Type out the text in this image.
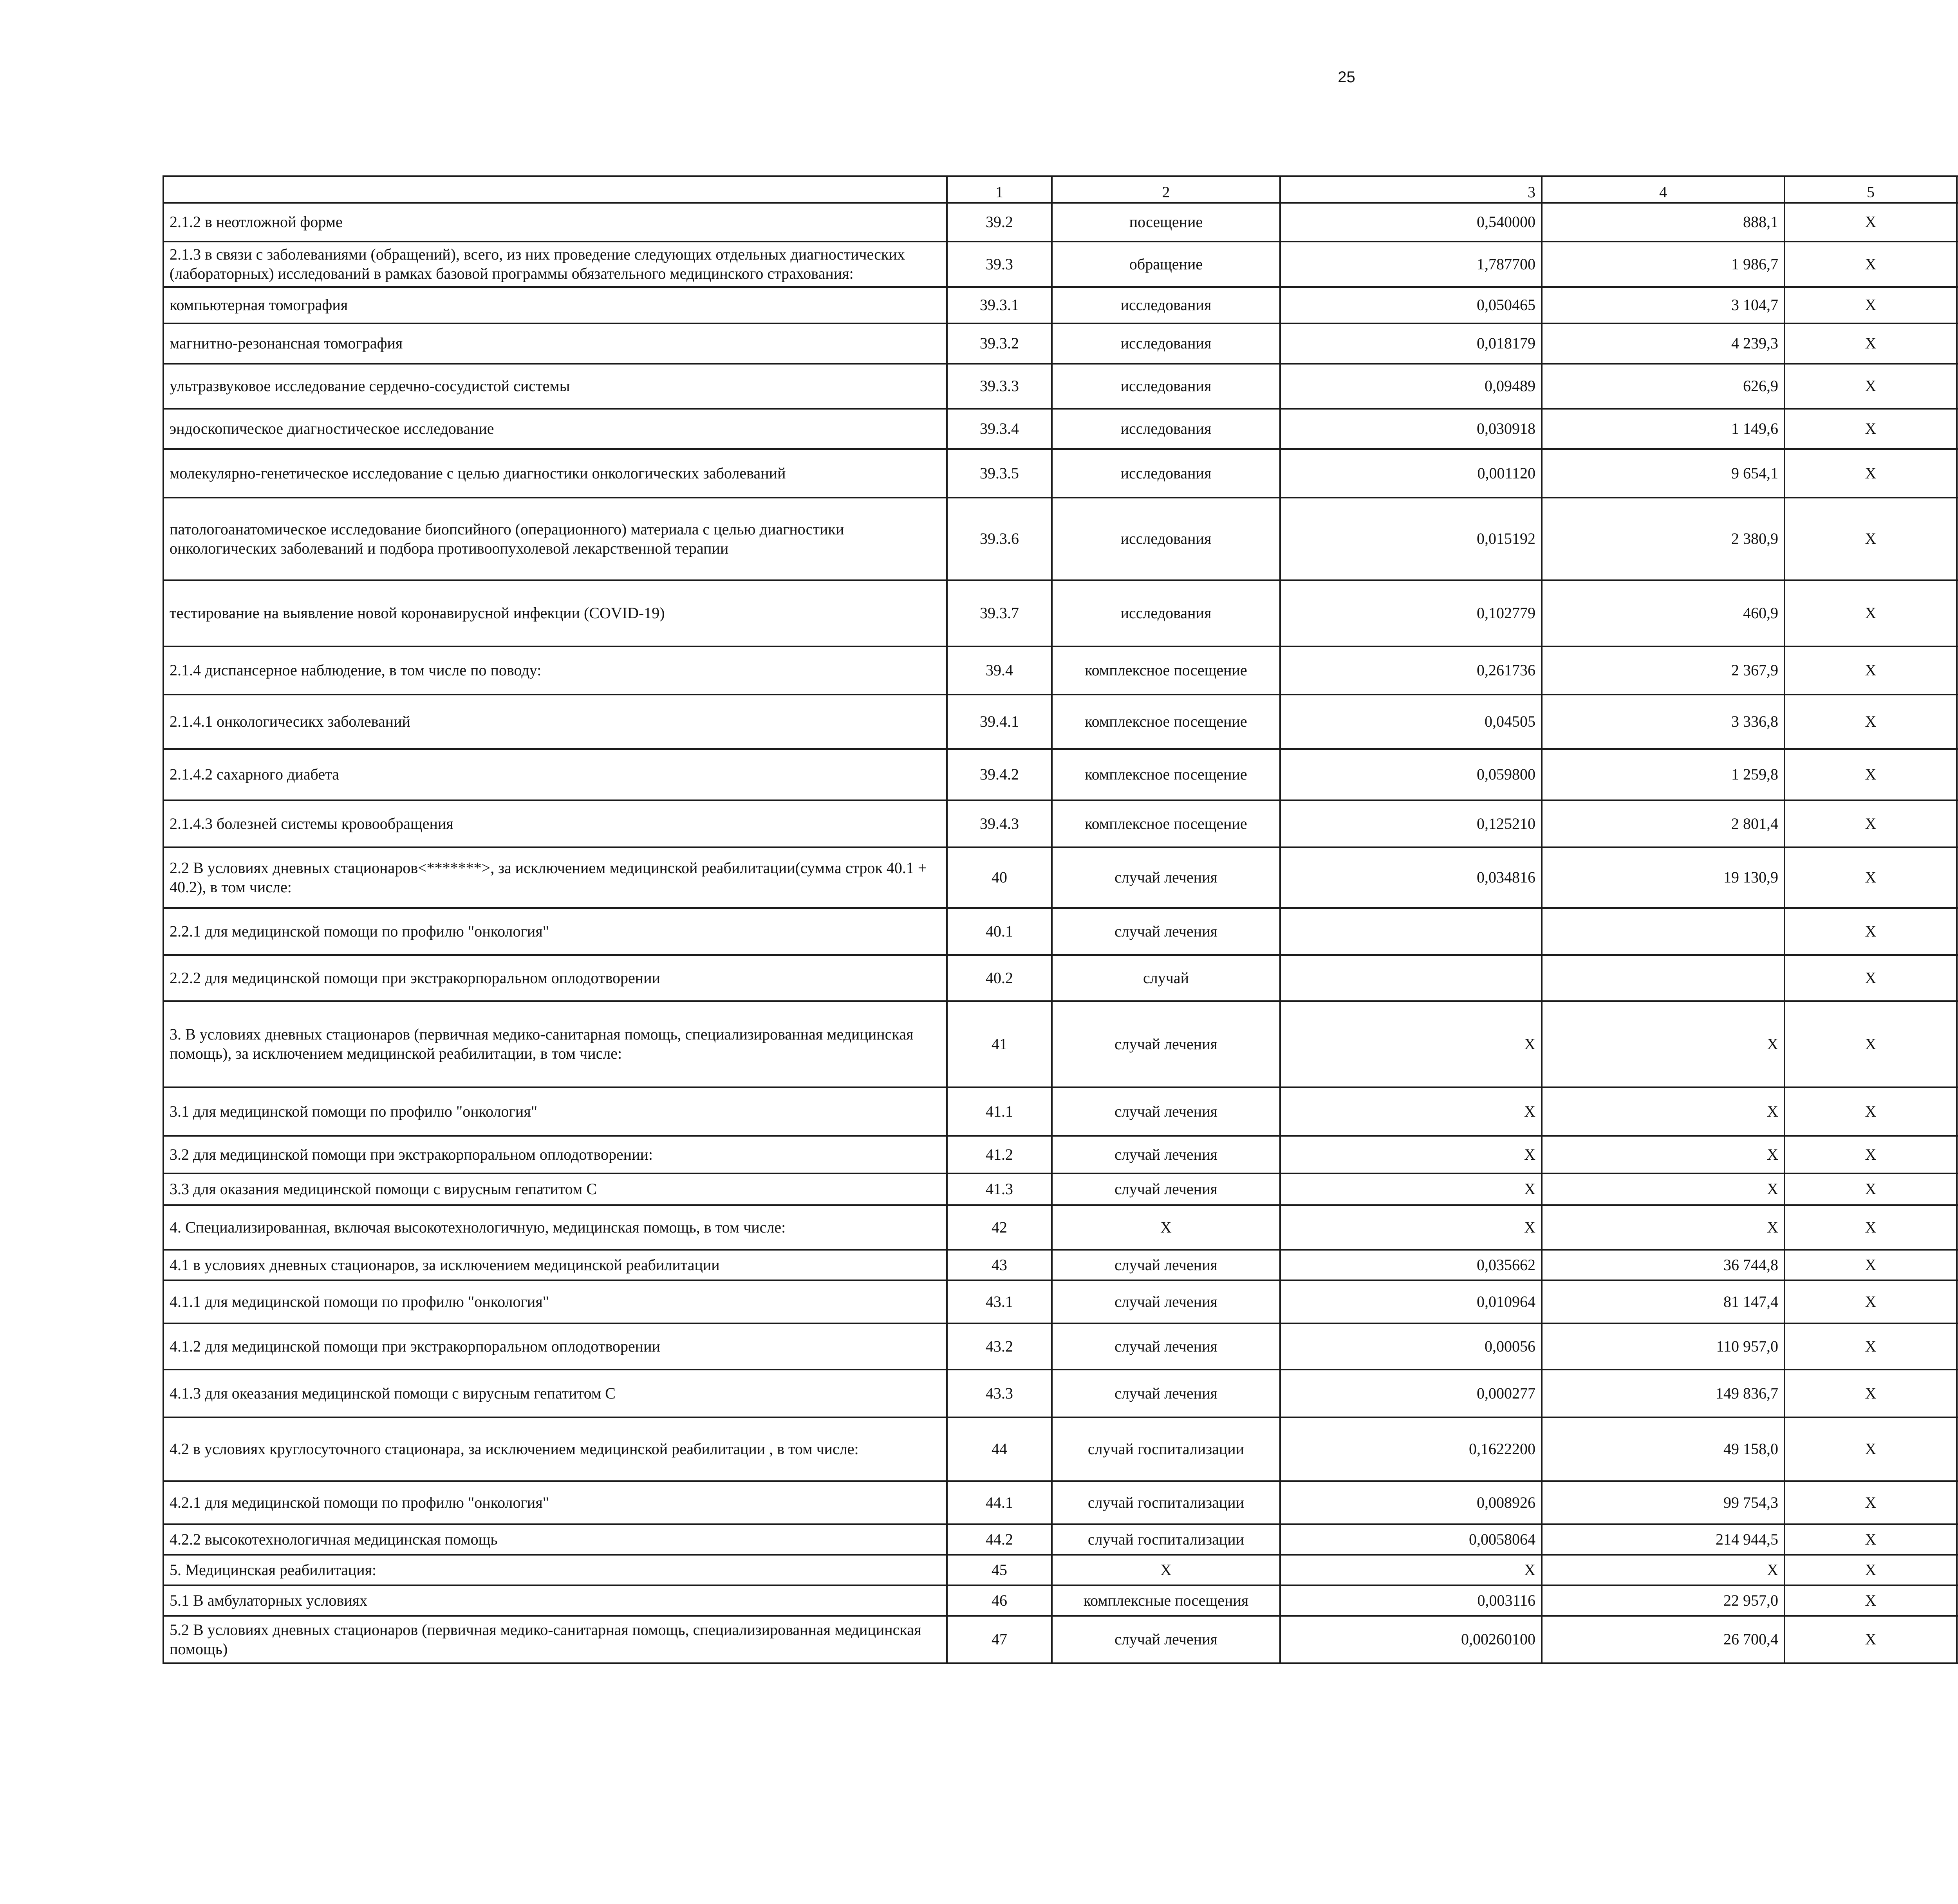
25
	1	2	3	4	5				
2.1.2 в неотложной форме	39.2	посещение	0,540000	888,1	X				
2.1.3 в связи с заболеваниями (обращений), всего, из них проведение следующих отдельных диагностических (лабораторных) исследований в рамках базовой программы обязательного медицинского страхования:	39.3	обращение	1,787700	1 986,7	X				
компьютерная томография	39.3.1	исследования	0,050465	3 104,7	X				
магнитно-резонансная томография	39.3.2	исследования	0,018179	4 239,3	X				
ультразвуковое исследование сердечно-сосудистой системы	39.3.3	исследования	0,09489	626,9	X				
эндоскопическое диагностическое исследование	39.3.4	исследования	0,030918	1 149,6	X				
молекулярно-генетическое исследование с целью диагностики онкологических заболеваний	39.3.5	исследования	0,001120	9 654,1	X				
патологоанатомическое исследование биопсийного (операционного) материала с целью диагностики онкологических заболеваний и подбора противоопухолевой лекарственной терапии	39.3.6	исследования	0,015192	2 380,9	X				
тестирование на выявление новой коронавирусной инфекции (COVID-19)	39.3.7	исследования	0,102779	460,9	X				
2.1.4 диспансерное наблюдение, в том числе по поводу:	39.4	комплексное посещение	0,261736	2 367,9	X				
2.1.4.1 онкологичесикх заболеваний	39.4.1	комплексное посещение	0,04505	3 336,8	X				
2.1.4.2 сахарного диабета	39.4.2	комплексное посещение	0,059800	1 259,8	X				
2.1.4.3 болезней системы кровообращения	39.4.3	комплексное посещение	0,125210	2 801,4	X				
2.2 В условиях дневных стационаров<*******>, за исключением медицинской реабилитации(сумма строк 40.1 + 40.2), в том числе:	40	случай лечения	0,034816	19 130,9	X				
2.2.1 для медицинской помощи по профилю "онкология"	40.1	случай лечения			X				
2.2.2 для медицинской помощи при экстракорпоральном оплодотворении	40.2	случай			X				
3. В условиях дневных стационаров (первичная медико-санитарная помощь, специализированная медицинская помощь), за исключением медицинской реабилитации, в том числе:	41	случай лечения	X	X	X				
3.1 для медицинской помощи по профилю "онкология"	41.1	случай лечения	X	X	X				
3.2 для медицинской помощи при экстракорпоральном оплодотворении:	41.2	случай лечения	X	X	X				
3.3 для оказания медицинской помощи с вирусным гепатитом С	41.3	случай лечения	X	X	X				
4. Специализированная, включая высокотехнологичную, медицинская помощь, в том числе:	42	X	X	X	X				
4.1 в условиях дневных стационаров, за исключением медицинской реабилитации	43	случай лечения	0,035662	36 744,8	X				
4.1.1 для медицинской помощи по профилю "онкология"	43.1	случай лечения	0,010964	81 147,4	X				
4.1.2 для медицинской помощи при экстракорпоральном оплодотворении	43.2	случай лечения	0,00056	110 957,0	X				
4.1.3 для океазания медицинской помощи с вирусным гепатитом С	43.3	случай лечения	0,000277	149 836,7	X				
4.2 в условиях круглосуточного стационара, за исключением медицинской реабилитации , в том числе:	44	случай госпитализации	0,1622200	49 158,0	X				
4.2.1 для медицинской помощи по профилю "онкология"	44.1	случай госпитализации	0,008926	99 754,3	X				
4.2.2 высокотехнологичная медицинская помощь	44.2	случай госпитализации	0,0058064	214 944,5	X				
5. Медицинская реабилитация:	45	X	X	X	X				
5.1 В амбулаторных условиях	46	комплексные посещения	0,003116	22 957,0	X				
5.2 В условиях дневных стационаров (первичная медико-санитарная помощь, специализированная медицинская помощь)	47	случай лечения	0,00260100	26 700,4	X				
